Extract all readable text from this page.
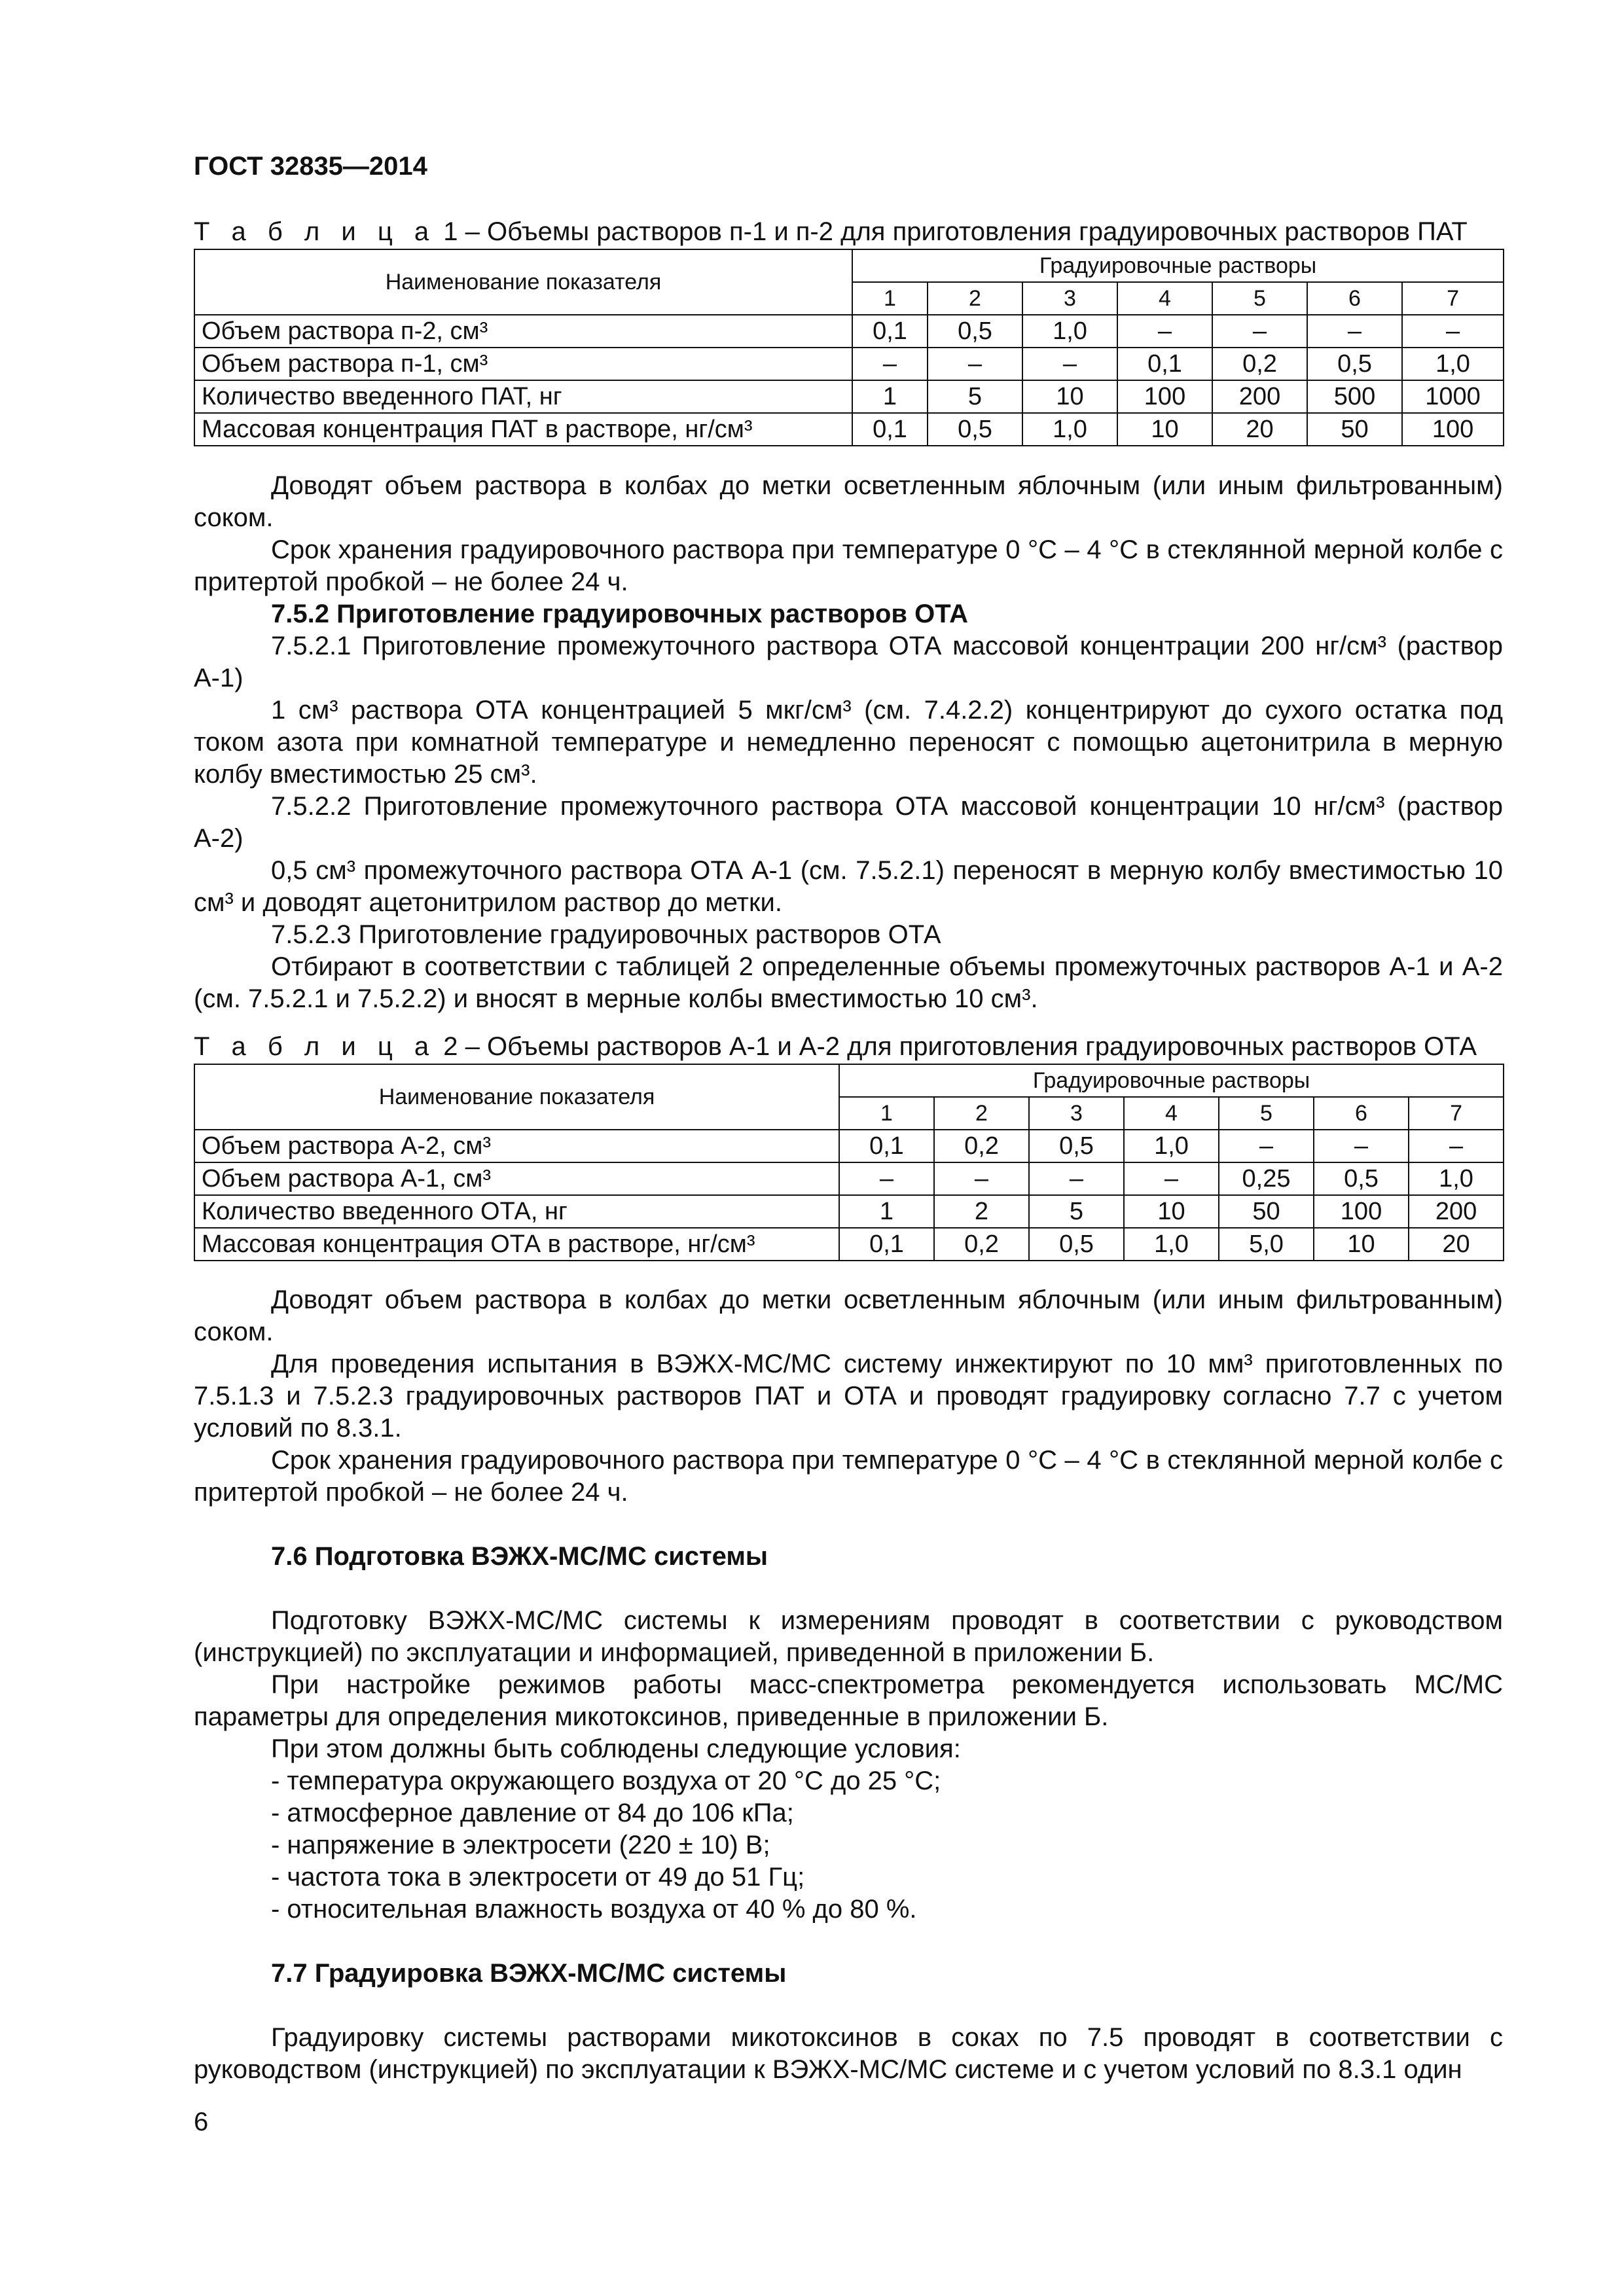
ГОСТ 32835—2014
Т а б л и ц а 1 – Объемы растворов п-1 и п-2 для приготовления градуировочных растворов ПАТ
Наименование показателя	Градуировочные растворы						
	1	2	3	4	5	6	7
Объем раствора п-2, см³	0,1	0,5	1,0	–	–	–	–
Объем раствора п-1, см³	–	–	–	0,1	0,2	0,5	1,0
Количество введенного ПАТ, нг	1	5	10	100	200	500	1000
Массовая концентрация ПАТ в растворе, нг/см³	0,1	0,5	1,0	10	20	50	100

Доводят объем раствора в колбах до метки осветленным яблочным (или иным фильтрованным) соком.

Срок хранения градуировочного раствора при температуре 0 °С – 4 °С в стеклянной мерной колбе с притертой пробкой – не более 24 ч.

7.5.2 Приготовление градуировочных растворов ОТА

7.5.2.1 Приготовление промежуточного раствора ОТА массовой концентрации 200 нг/см³ (раствор А-1)

1 см³ раствора ОТА концентрацией 5 мкг/см³ (см. 7.4.2.2) концентрируют до сухого остатка под током азота при комнатной температуре и немедленно переносят с помощью ацетонитрила в мерную колбу вместимостью 25 см³.

7.5.2.2 Приготовление промежуточного раствора ОТА массовой концентрации 10 нг/см³ (раствор А-2)

0,5 см³ промежуточного раствора ОТА А-1 (см. 7.5.2.1) переносят в мерную колбу вместимостью 10 см³ и доводят ацетонитрилом раствор до метки.

7.5.2.3 Приготовление градуировочных растворов ОТА

Отбирают в соответствии с таблицей 2 определенные объемы промежуточных растворов А-1 и А-2 (см. 7.5.2.1 и 7.5.2.2) и вносят в мерные колбы вместимостью 10 см³.

Т а б л и ц а 2 – Объемы растворов А-1 и А-2 для приготовления градуировочных растворов ОТА
Наименование показателя	Градуировочные растворы						
	1	2	3	4	5	6	7
Объем раствора А-2, см³	0,1	0,2	0,5	1,0	–	–	–
Объем раствора А-1, см³	–	–	–	–	0,25	0,5	1,0
Количество введенного ОТА, нг	1	2	5	10	50	100	200
Массовая концентрация ОТА в растворе, нг/см³	0,1	0,2	0,5	1,0	5,0	10	20

Доводят объем раствора в колбах до метки осветленным яблочным (или иным фильтрованным) соком.

Для проведения испытания в ВЭЖХ-МС/МС систему инжектируют по 10 мм³ приготовленных по 7.5.1.3 и 7.5.2.3 градуировочных растворов ПАТ и ОТА и проводят градуировку согласно 7.7 с учетом условий по 8.3.1.

Срок хранения градуировочного раствора при температуре 0 °С – 4 °С в стеклянной мерной колбе с притертой пробкой – не более 24 ч.

7.6 Подготовка ВЭЖХ-МС/МС системы

Подготовку ВЭЖХ-МС/МС системы к измерениям проводят в соответствии с руководством (инструкцией) по эксплуатации и информацией, приведенной в приложении Б.

При настройке режимов работы масс-спектрометра рекомендуется использовать МС/МС параметры для определения микотоксинов, приведенные в приложении Б.

При этом должны быть соблюдены следующие условия:

- температура окружающего воздуха от 20 °С до 25 °С;

- атмосферное давление от 84 до 106 кПа;

- напряжение в электросети (220 ± 10) В;

- частота тока в электросети от 49 до 51 Гц;

- относительная влажность воздуха от 40 % до 80 %.

7.7 Градуировка ВЭЖХ-МС/МС системы

Градуировку системы растворами микотоксинов в соках по 7.5 проводят в соответствии с руководством (инструкцией) по эксплуатации к ВЭЖХ-МС/МС системе и с учетом условий по 8.3.1 один

6
